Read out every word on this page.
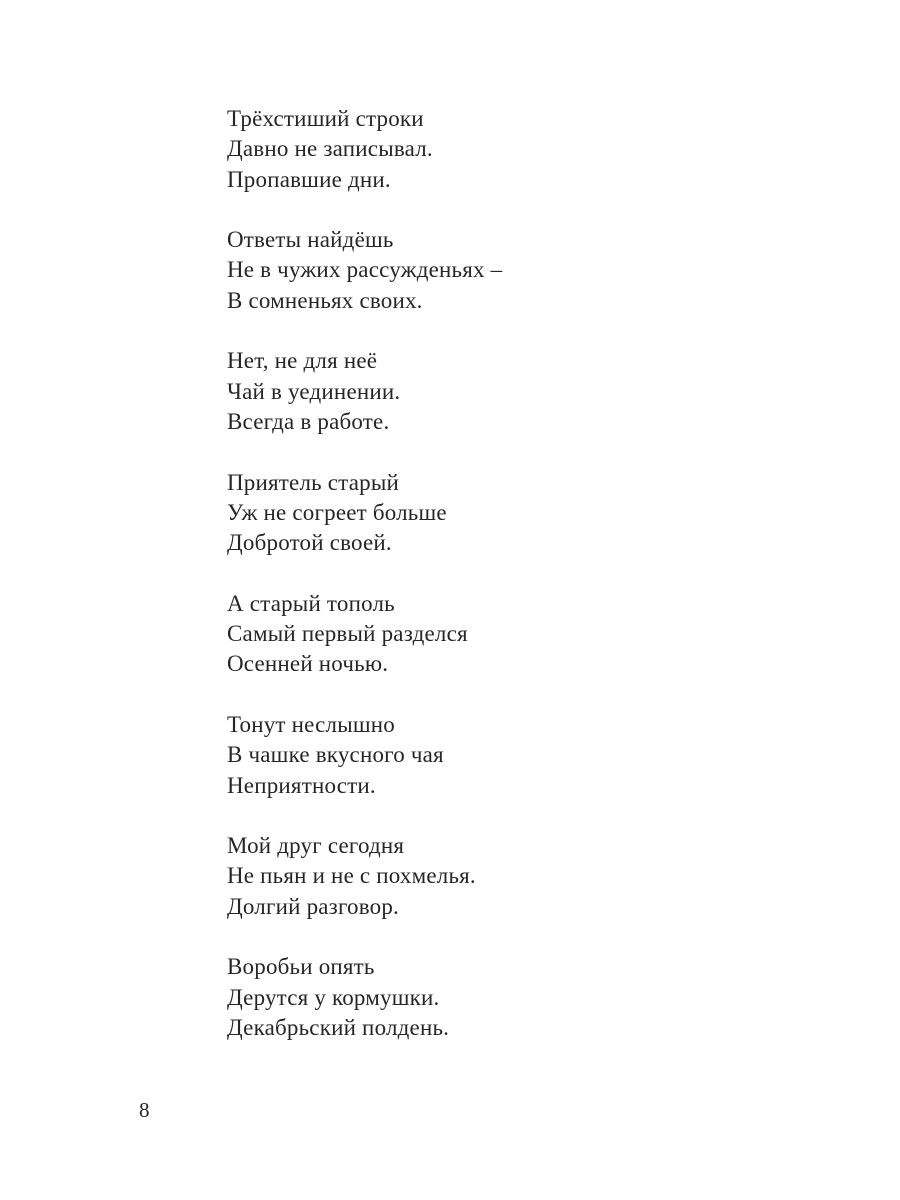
Трёхстиший строки

Давно не записывал.

Пропавшие дни.

Ответы найдёшь

Не в чужих рассужденьях –

В сомненьях своих.

Нет, не для неё

Чай в уединении.

Всегда в работе.

Приятель старый

Уж не согреет больше

Добротой своей.

А старый тополь

Самый первый разделся

Осенней ночью.

Тонут неслышно

В чашке вкусного чая

Неприятности.

Мой друг сегодня

Не пьян и не с похмелья.

Долгий разговор.

Воробьи опять

Дерутся у кормушки.

Декабрьский полдень.

8
